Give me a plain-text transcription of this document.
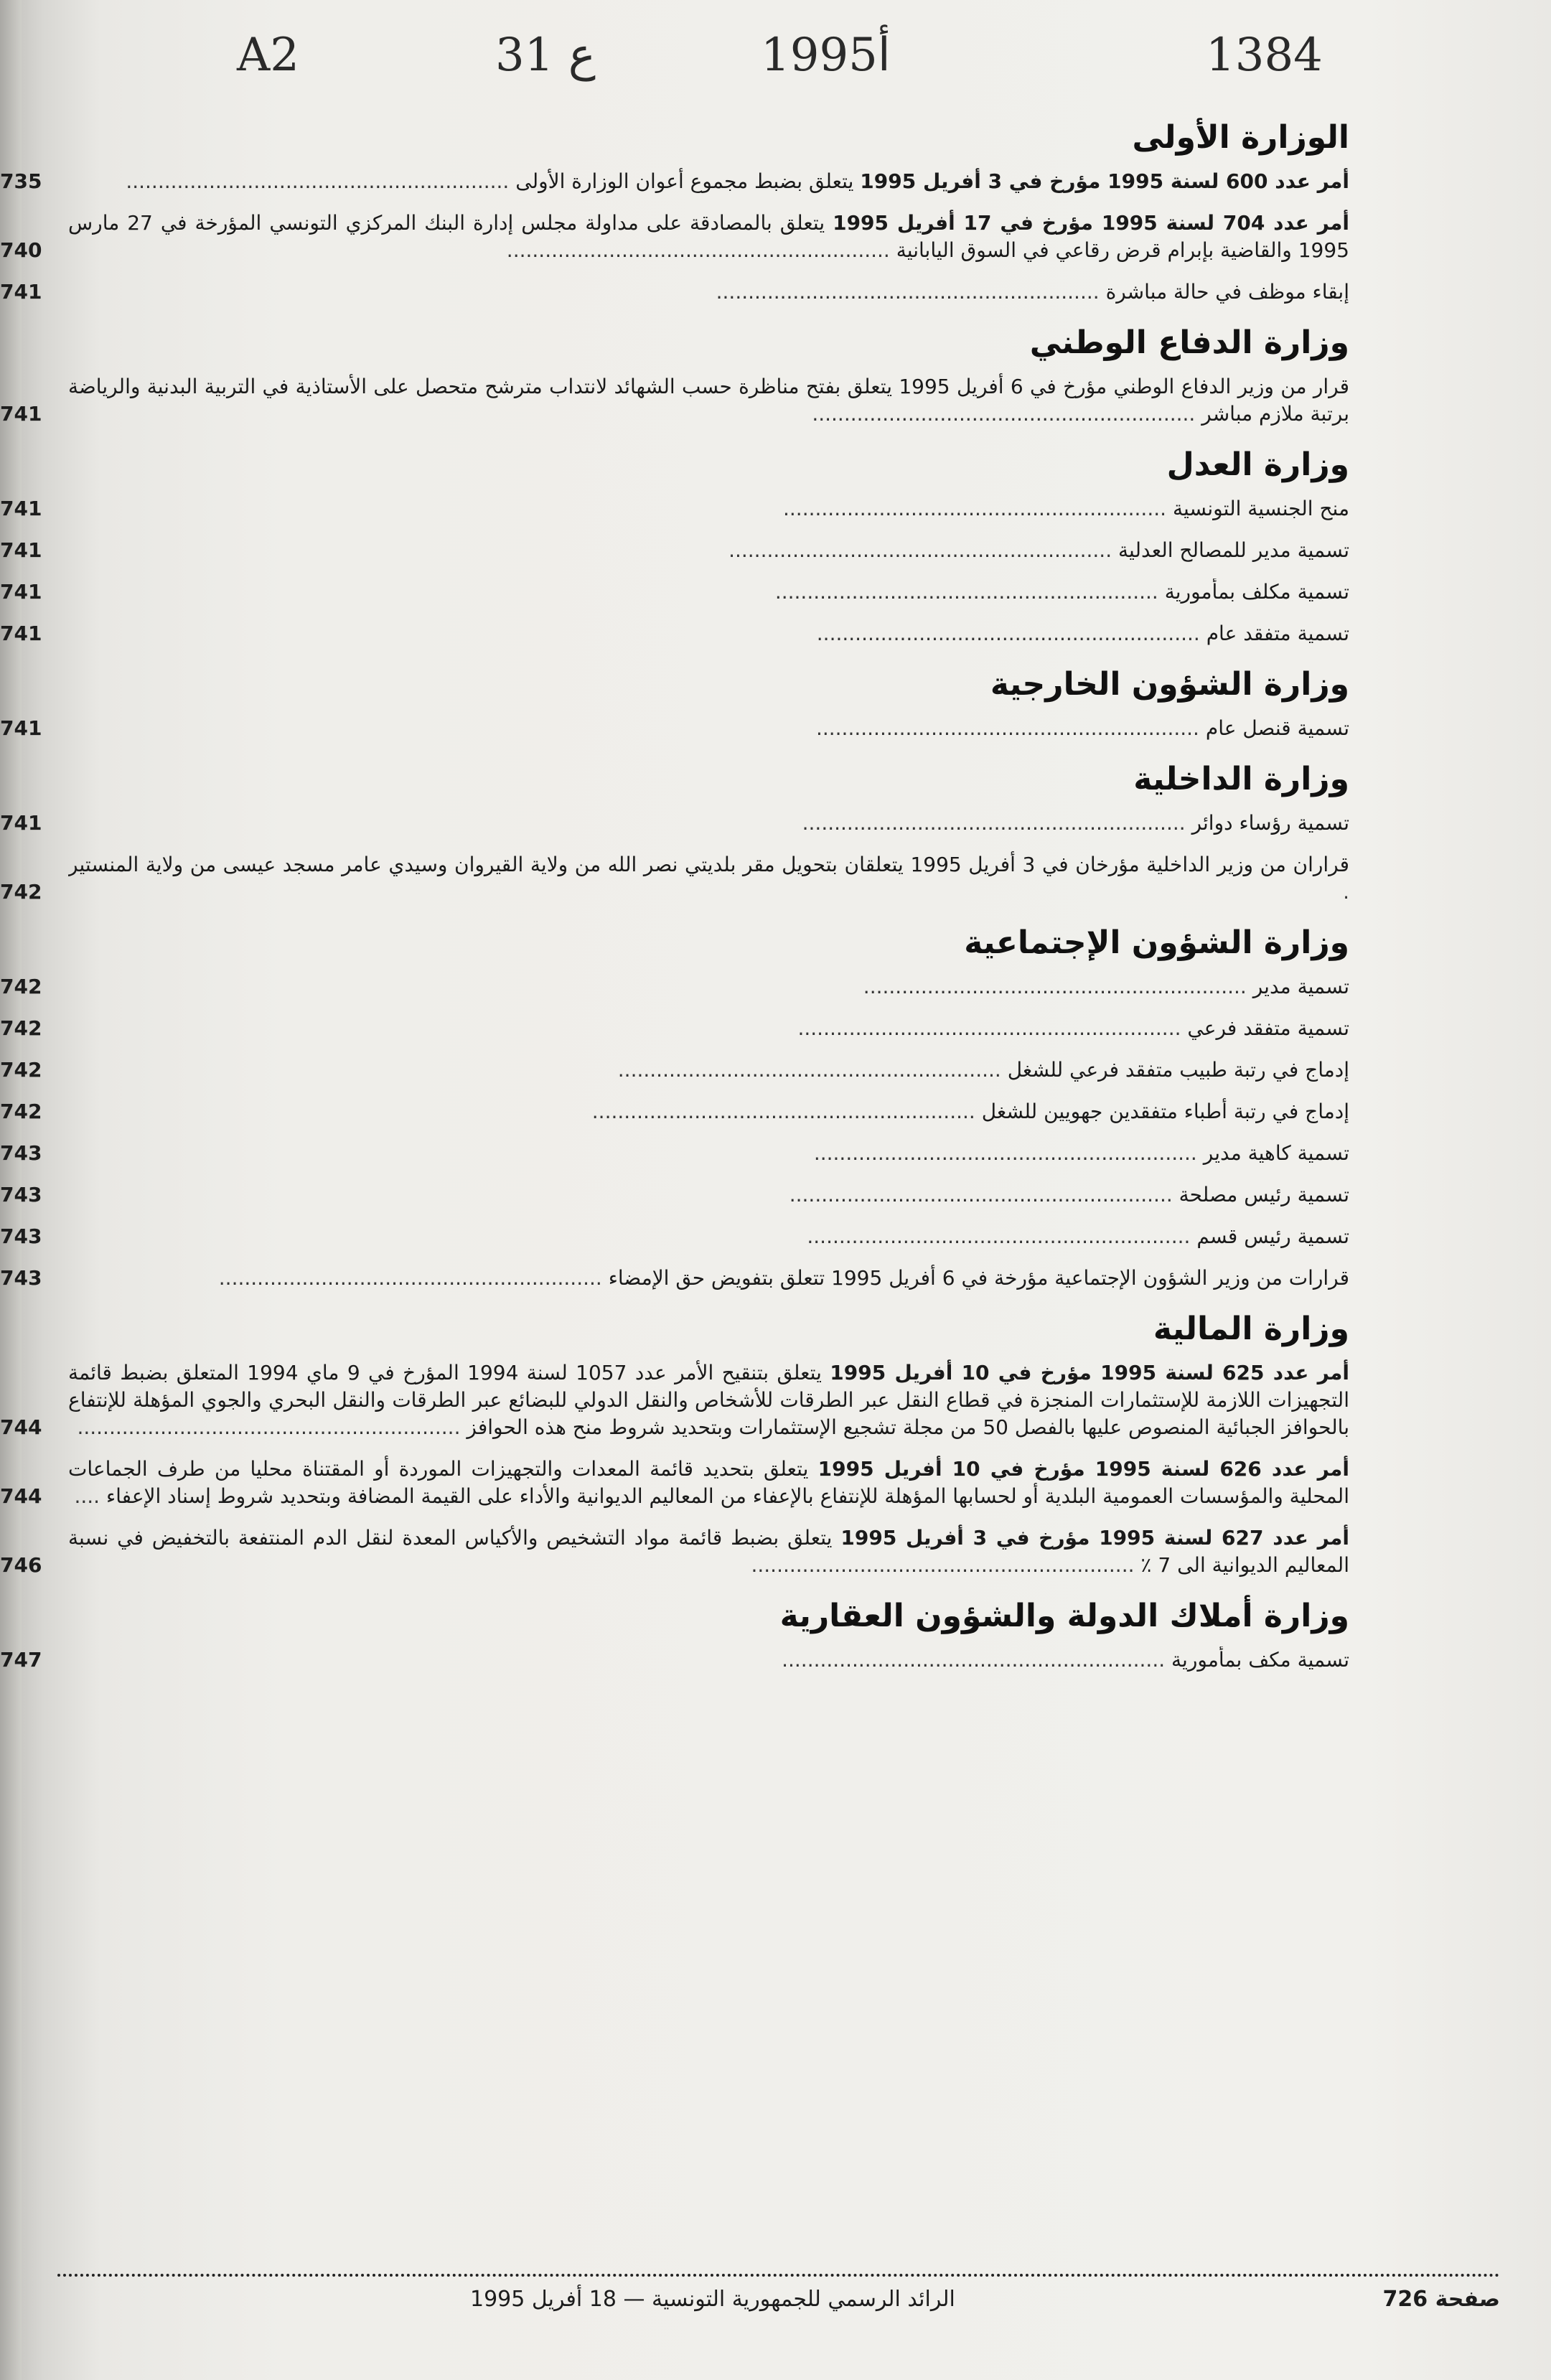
A2	31 ع	1995أ	1384
الوزارة الأولى
أمر عدد 600 لسنة 1995 مؤرخ في 3 أفريل 1995 يتعلق بضبط مجموع أعوان الوزارة الأولى ............................................................
735
أمر عدد 704 لسنة 1995 مؤرخ في 17 أفريل 1995 يتعلق بالمصادقة على مداولة مجلس إدارة البنك المركزي التونسي المؤرخة في 27 مارس 1995 والقاضية بإبرام قرض رقاعي في السوق اليابانية ............................................................
740
إبقاء موظف في حالة مباشرة ............................................................
741
وزارة الدفاع الوطني
قرار من وزير الدفاع الوطني مؤرخ في 6 أفريل 1995 يتعلق بفتح مناظرة حسب الشهائد لانتداب مترشح متحصل على الأستاذية في التربية البدنية والرياضة برتبة ملازم مباشر ............................................................
741
وزارة العدل
منح الجنسية التونسية ............................................................
741
تسمية مدير للمصالح العدلية ............................................................
741
تسمية مكلف بمأمورية ............................................................
741
تسمية متفقد عام ............................................................
741
وزارة الشؤون الخارجية
تسمية قنصل عام ............................................................
741
وزارة الداخلية
تسمية رؤساء دوائر ............................................................
741
قراران من وزير الداخلية مؤرخان في 3 أفريل 1995 يتعلقان بتحويل مقر بلديتي نصر الله من ولاية القيروان وسيدي عامر مسجد عيسى من ولاية المنستير .
742
وزارة الشؤون الإجتماعية
تسمية مدير ............................................................
742
تسمية متفقد فرعي ............................................................
742
إدماج في رتبة طبيب متفقد فرعي للشغل ............................................................
742
إدماج في رتبة أطباء متفقدين جهويين للشغل ............................................................
742
تسمية كاهية مدير ............................................................
743
تسمية رئيس مصلحة ............................................................
743
تسمية رئيس قسم ............................................................
743
قرارات من وزير الشؤون الإجتماعية مؤرخة في 6 أفريل 1995 تتعلق بتفويض حق الإمضاء ............................................................
743
وزارة المالية
أمر عدد 625 لسنة 1995 مؤرخ في 10 أفريل 1995 يتعلق بتنقيح الأمر عدد 1057 لسنة 1994 المؤرخ في 9 ماي 1994 المتعلق بضبط قائمة التجهيزات اللازمة للإستثمارات المنجزة في قطاع النقل عبر الطرقات للأشخاص والنقل الدولي للبضائع عبر الطرقات والنقل البحري والجوي المؤهلة للإنتفاع بالحوافز الجبائية المنصوص عليها بالفصل 50 من مجلة تشجيع الإستثمارات وبتحديد شروط منح هذه الحوافز ............................................................
744
أمر عدد 626 لسنة 1995 مؤرخ في 10 أفريل 1995 يتعلق بتحديد قائمة المعدات والتجهيزات الموردة أو المقتناة محليا من طرف الجماعات المحلية والمؤسسات العمومية البلدية أو لحسابها المؤهلة للإنتفاع بالإعفاء من المعاليم الديوانية والأداء على القيمة المضافة وبتحديد شروط إسناد الإعفاء ....
744
أمر عدد 627 لسنة 1995 مؤرخ في 3 أفريل 1995 يتعلق بضبط قائمة مواد التشخيص والأكياس المعدة لنقل الدم المنتفعة بالتخفيض في نسبة المعاليم الديوانية الى 7 ٪ ............................................................
746
وزارة أملاك الدولة والشؤون العقارية
تسمية مكف بمأمورية ............................................................
747
صفحة 726
الرائد الرسمي للجمهورية التونسية — 18 أفريل 1995
